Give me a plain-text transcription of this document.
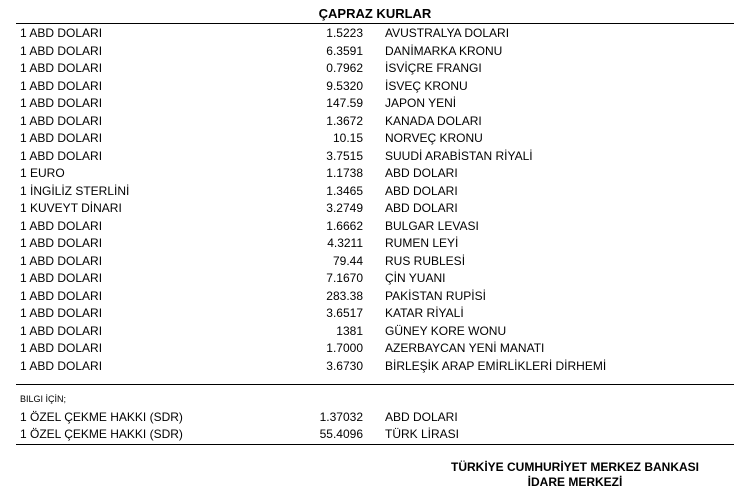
ÇAPRAZ KURLAR
1 ABD DOLARI	1.5223 AVUSTRALYA DOLARI
1 ABD DOLARI	6.3591 DANİMARKA KRONU
1 ABD DOLARI	0.7962 İSVİÇRE FRANGI
1 ABD DOLARI	9.5320 İSVEÇ KRONU
1 ABD DOLARI	147.59 JAPON YENİ
1 ABD DOLARI	1.3672 KANADA DOLARI
1 ABD DOLARI	10.15 NORVEÇ KRONU
1 ABD DOLARI	3.7515 SUUDİ ARABİSTAN RİYALİ
1 EURO	1.1738 ABD DOLARI
1 İNGİLİZ STERLİNİ	1.3465 ABD DOLARI
1 KUVEYT DİNARI	3.2749 ABD DOLARI
1 ABD DOLARI	1.6662 BULGAR LEVASI
1 ABD DOLARI	4.3211 RUMEN LEYİ
1 ABD DOLARI	79.44 RUS RUBLESİ
1 ABD DOLARI	7.1670 ÇİN YUANI
1 ABD DOLARI	283.38 PAKİSTAN RUPİSİ
1 ABD DOLARI	3.6517 KATAR RİYALİ
1 ABD DOLARI	1381 GÜNEY KORE WONU
1 ABD DOLARI	1.7000 AZERBAYCAN YENİ MANATI
1 ABD DOLARI	3.6730 BİRLEŞİK ARAP EMİRLİKLERİ DİRHEMİ
BILGI İÇİN;
1 ÖZEL ÇEKME HAKKI (SDR)	1.37032 ABD DOLARI
1 ÖZEL ÇEKME HAKKI (SDR)	55.4096 TÜRK LİRASI
TÜRKİYE CUMHURİYET MERKEZ BANKASI
İDARE MERKEZİ
